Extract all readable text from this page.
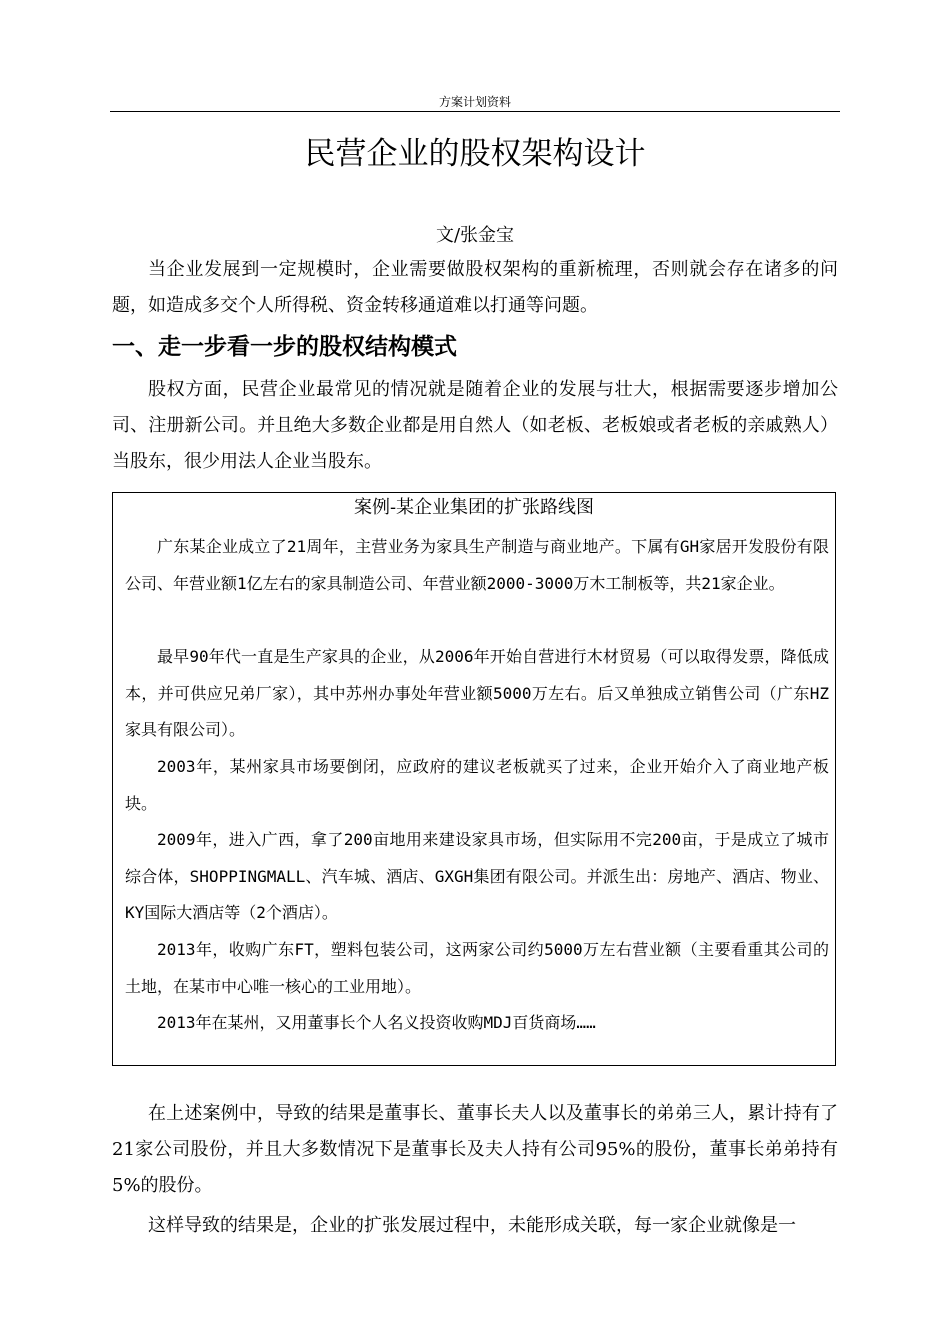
方案计划资料
民营企业的股权架构设计
文/张金宝

当企业发展到一定规模时，企业需要做股权架构的重新梳理，否则就会存在诸多的问题，如造成多交个人所得税、资金转移通道难以打通等问题。

一、走一步看一步的股权结构模式

股权方面，民营企业最常见的情况就是随着企业的发展与壮大，根据需要逐步增加公司、注册新公司。并且绝大多数企业都是用自然人（如老板、老板娘或者老板的亲戚熟人）当股东，很少用法人企业当股东。

案例-某企业集团的扩张路线图

广东某企业成立了21周年，主营业务为家具生产制造与商业地产。下属有GH家居开发股份有限公司、年营业额1亿左右的家具制造公司、年营业额2000-3000万木工制板等，共21家企业。

最早90年代一直是生产家具的企业，从2006年开始自营进行木材贸易（可以取得发票，降低成本，并可供应兄弟厂家），其中苏州办事处年营业额5000万左右。后又单独成立销售公司（广东HZ家具有限公司）。

2003年，某州家具市场要倒闭，应政府的建议老板就买了过来，企业开始介入了商业地产板块。

2009年，进入广西，拿了200亩地用来建设家具市场，但实际用不完200亩，于是成立了城市综合体，SHOPPINGMALL、汽车城、酒店、GXGH集团有限公司。并派生出：房地产、酒店、物业、KY国际大酒店等（2个酒店）。

2013年，收购广东FT，塑料包装公司，这两家公司约5000万左右营业额（主要看重其公司的土地，在某市中心唯一核心的工业用地）。

2013年在某州，又用董事长个人名义投资收购MDJ百货商场……

在上述案例中，导致的结果是董事长、董事长夫人以及董事长的弟弟三人，累计持有了21家公司股份，并且大多数情况下是董事长及夫人持有公司95%的股份，董事长弟弟持有5%的股份。

这样导致的结果是，企业的扩张发展过程中，未能形成关联，每一家企业就像是一
